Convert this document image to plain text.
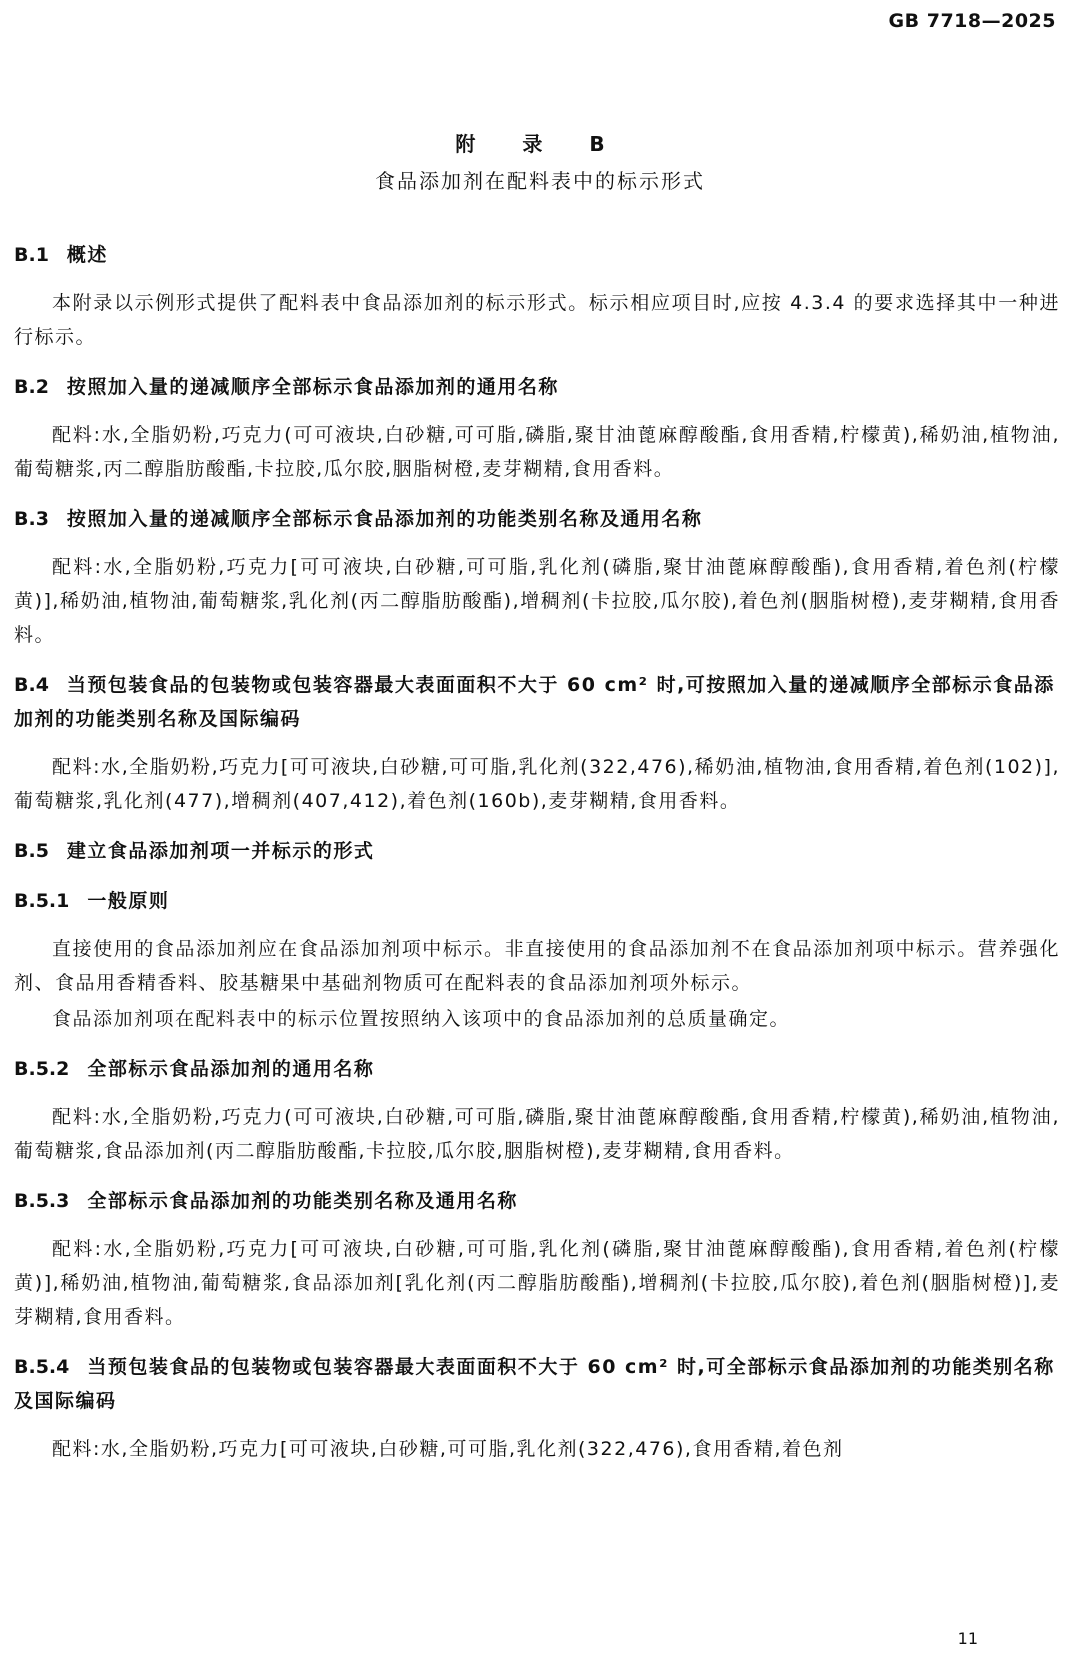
GB 7718—2025
附 录 B
食品添加剂在配料表中的标示形式
B.1 概述
本附录以示例形式提供了配料表中食品添加剂的标示形式。标示相应项目时,应按 4.3.4 的要求选择其中一种进行标示。
B.2 按照加入量的递减顺序全部标示食品添加剂的通用名称
配料:水,全脂奶粉,巧克力(可可液块,白砂糖,可可脂,磷脂,聚甘油蓖麻醇酸酯,食用香精,柠檬黄),稀奶油,植物油,葡萄糖浆,丙二醇脂肪酸酯,卡拉胶,瓜尔胶,胭脂树橙,麦芽糊精,食用香料。
B.3 按照加入量的递减顺序全部标示食品添加剂的功能类别名称及通用名称
配料:水,全脂奶粉,巧克力[可可液块,白砂糖,可可脂,乳化剂(磷脂,聚甘油蓖麻醇酸酯),食用香精,着色剂(柠檬黄)],稀奶油,植物油,葡萄糖浆,乳化剂(丙二醇脂肪酸酯),增稠剂(卡拉胶,瓜尔胶),着色剂(胭脂树橙),麦芽糊精,食用香料。
B.4 当预包装食品的包装物或包装容器最大表面面积不大于 60 cm² 时,可按照加入量的递减顺序全部标示食品添加剂的功能类别名称及国际编码
配料:水,全脂奶粉,巧克力[可可液块,白砂糖,可可脂,乳化剂(322,476),稀奶油,植物油,食用香精,着色剂(102)],葡萄糖浆,乳化剂(477),增稠剂(407,412),着色剂(160b),麦芽糊精,食用香料。
B.5 建立食品添加剂项一并标示的形式
B.5.1 一般原则
直接使用的食品添加剂应在食品添加剂项中标示。非直接使用的食品添加剂不在食品添加剂项中标示。营养强化剂、食品用香精香料、胶基糖果中基础剂物质可在配料表的食品添加剂项外标示。
食品添加剂项在配料表中的标示位置按照纳入该项中的食品添加剂的总质量确定。
B.5.2 全部标示食品添加剂的通用名称
配料:水,全脂奶粉,巧克力(可可液块,白砂糖,可可脂,磷脂,聚甘油蓖麻醇酸酯,食用香精,柠檬黄),稀奶油,植物油,葡萄糖浆,食品添加剂(丙二醇脂肪酸酯,卡拉胶,瓜尔胶,胭脂树橙),麦芽糊精,食用香料。
B.5.3 全部标示食品添加剂的功能类别名称及通用名称
配料:水,全脂奶粉,巧克力[可可液块,白砂糖,可可脂,乳化剂(磷脂,聚甘油蓖麻醇酸酯),食用香精,着色剂(柠檬黄)],稀奶油,植物油,葡萄糖浆,食品添加剂[乳化剂(丙二醇脂肪酸酯),增稠剂(卡拉胶,瓜尔胶),着色剂(胭脂树橙)],麦芽糊精,食用香料。
B.5.4 当预包装食品的包装物或包装容器最大表面面积不大于 60 cm² 时,可全部标示食品添加剂的功能类别名称及国际编码
配料:水,全脂奶粉,巧克力[可可液块,白砂糖,可可脂,乳化剂(322,476),食用香精,着色剂
11
